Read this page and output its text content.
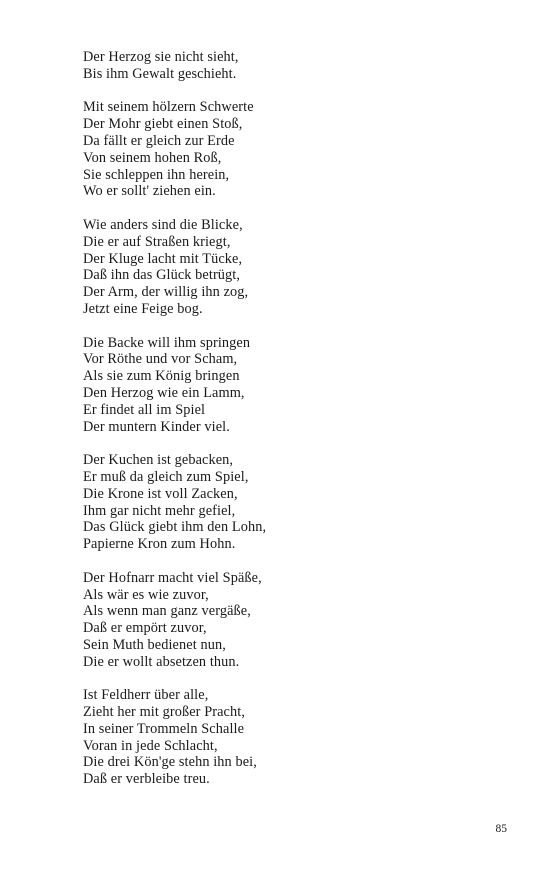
Der Herzog sie nicht sieht,
Bis ihm Gewalt geschieht.
Mit seinem hölzern Schwerte
Der Mohr giebt einen Stoß,
Da fällt er gleich zur Erde
Von seinem hohen Roß,
Sie schleppen ihn herein,
Wo er sollt' ziehen ein.
Wie anders sind die Blicke,
Die er auf Straßen kriegt,
Der Kluge lacht mit Tücke,
Daß ihn das Glück betrügt,
Der Arm, der willig ihn zog,
Jetzt eine Feige bog.
Die Backe will ihm springen
Vor Röthe und vor Scham,
Als sie zum König bringen
Den Herzog wie ein Lamm,
Er findet all im Spiel
Der muntern Kinder viel.
Der Kuchen ist gebacken,
Er muß da gleich zum Spiel,
Die Krone ist voll Zacken,
Ihm gar nicht mehr gefiel,
Das Glück giebt ihm den Lohn,
Papierne Kron zum Hohn.
Der Hofnarr macht viel Späße,
Als wär es wie zuvor,
Als wenn man ganz vergäße,
Daß er empört zuvor,
Sein Muth bedienet nun,
Die er wollt absetzen thun.
Ist Feldherr über alle,
Zieht her mit großer Pracht,
In seiner Trommeln Schalle
Voran in jede Schlacht,
Die drei Kön'ge stehn ihn bei,
Daß er verbleibe treu.
85
